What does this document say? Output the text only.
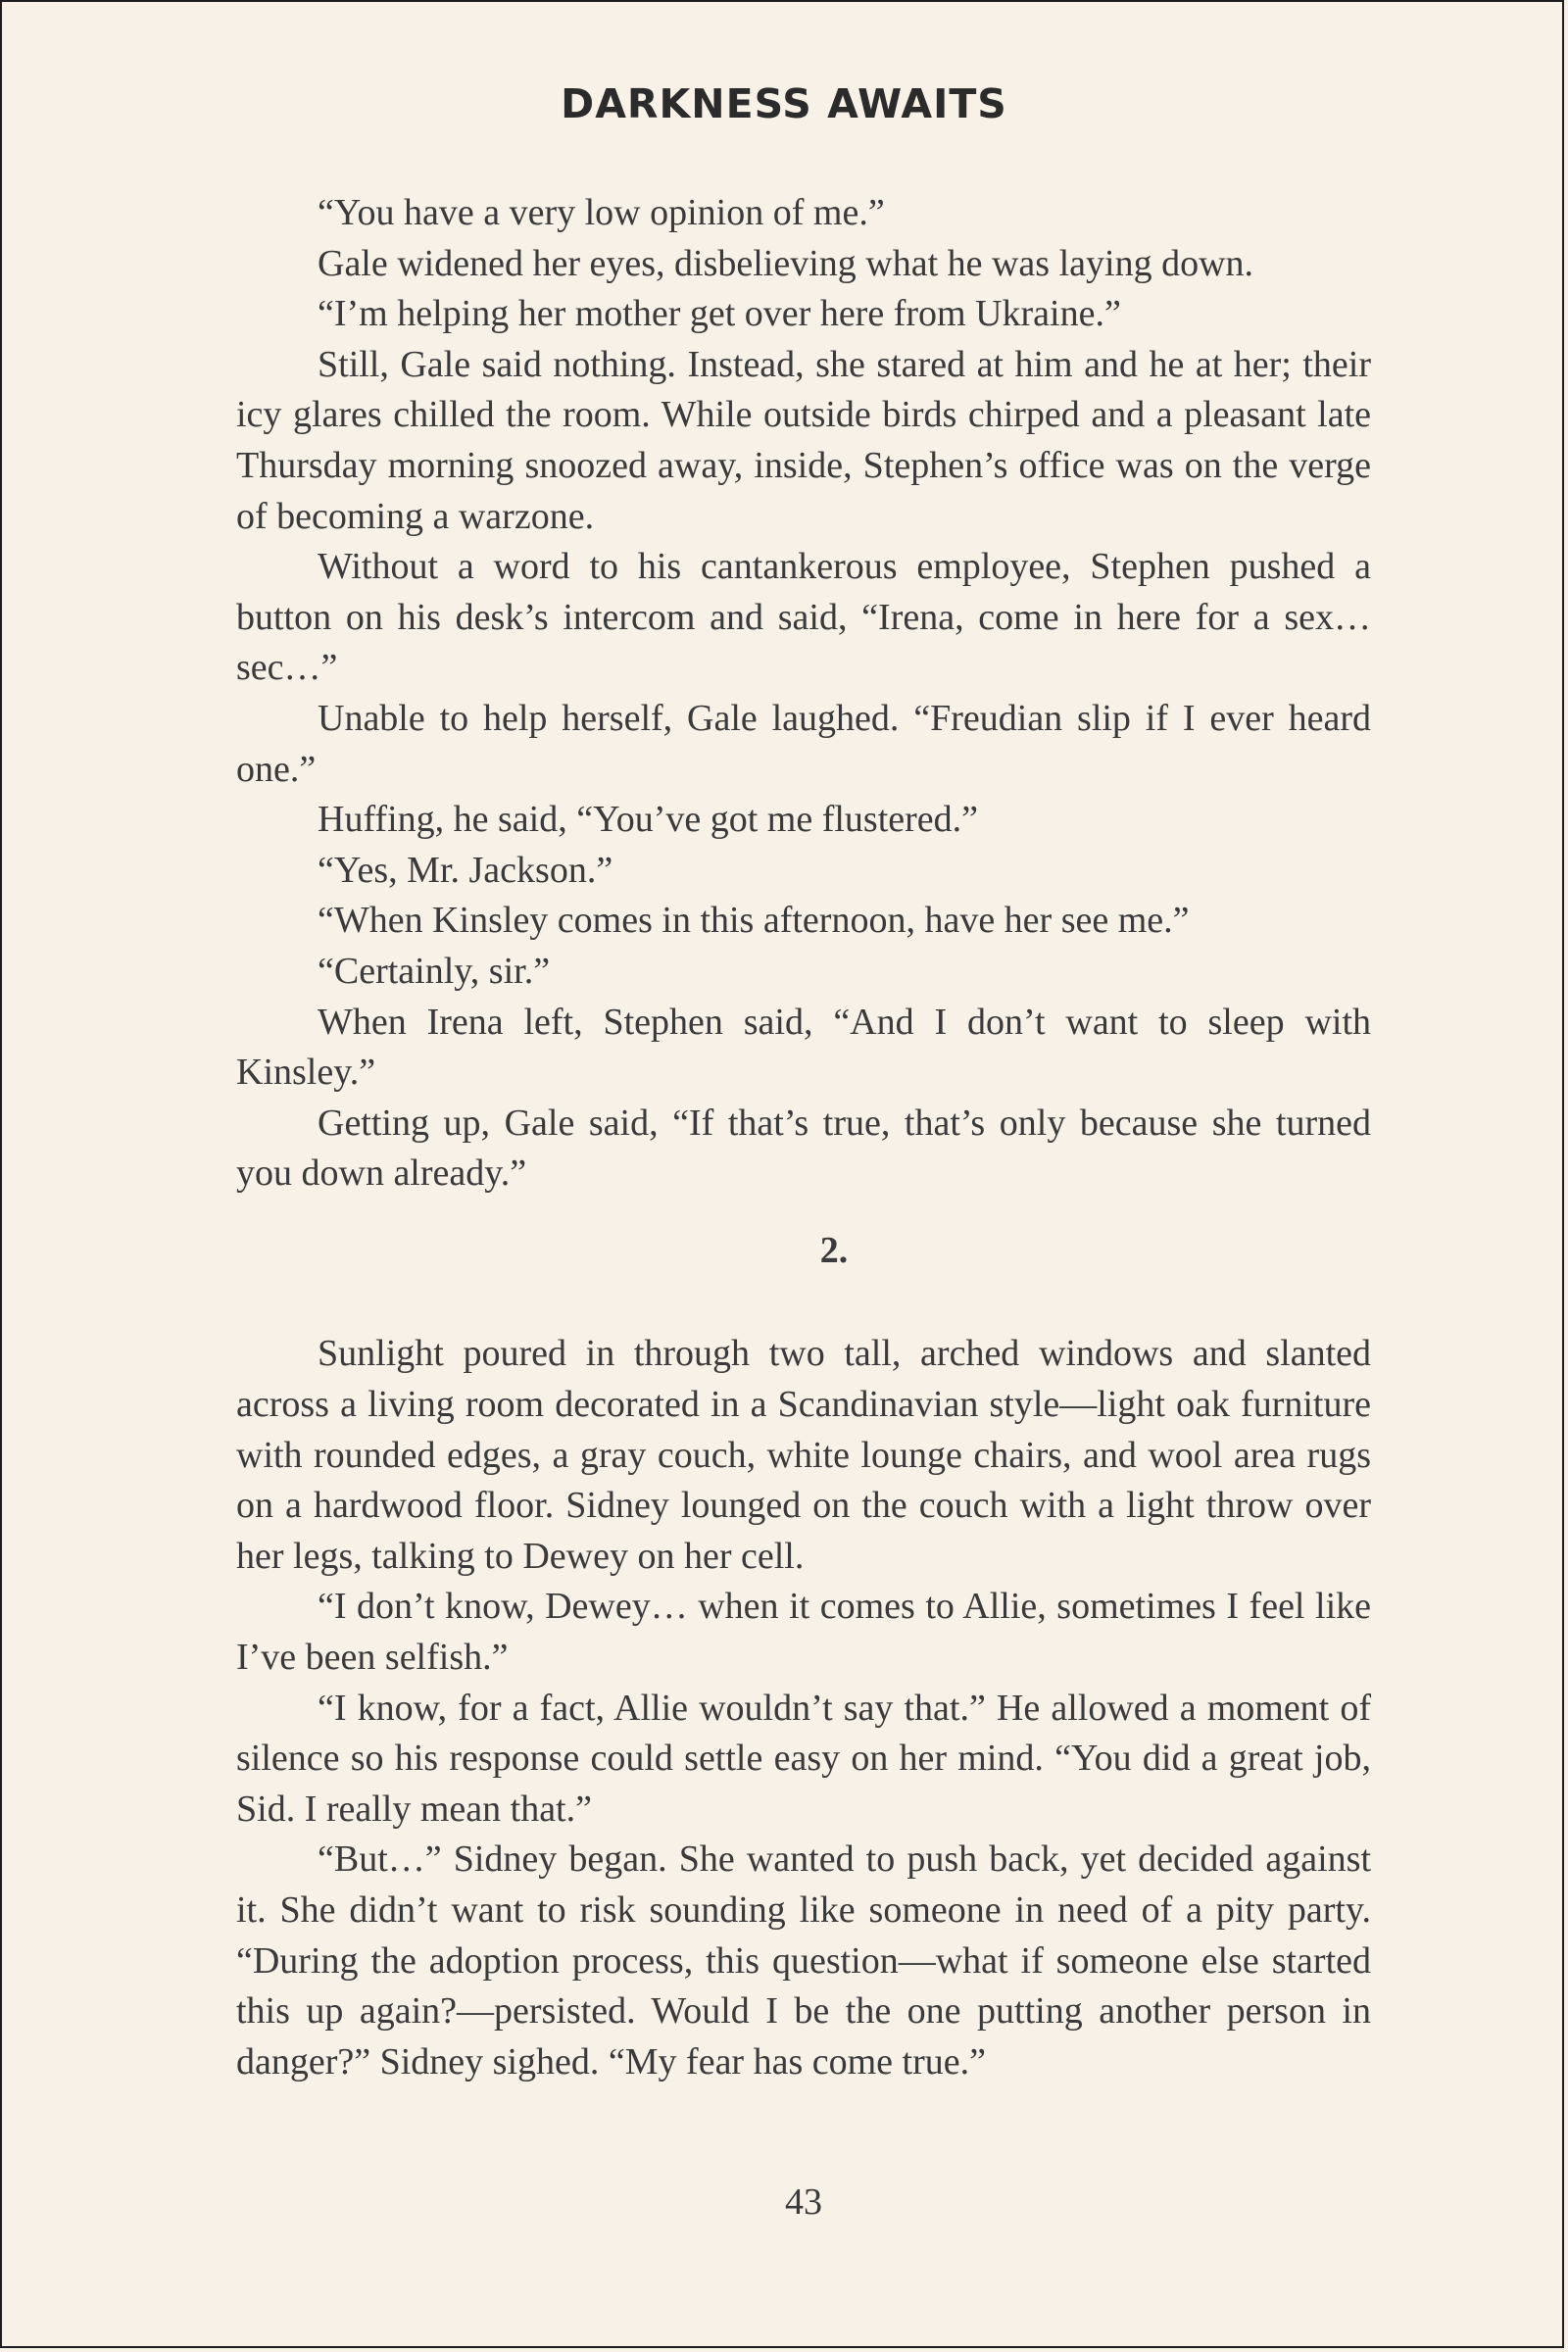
DARKNESS AWAITS

“You have a very low opinion of me.”

Gale widened her eyes, disbelieving what he was laying down.

“I’m helping her mother get over here from Ukraine.”

Still, Gale said nothing. Instead, she stared at him and he at her; their icy glares chilled the room. While outside birds chirped and a pleasant late Thursday morning snoozed away, inside, Stephen’s office was on the verge of becoming a warzone.

Without a word to his cantankerous employee, Stephen pushed a button on his desk’s intercom and said, “Irena, come in here for a sex… sec…”

Unable to help herself, Gale laughed. “Freudian slip if I ever heard one.”

Huffing, he said, “You’ve got me flustered.”

“Yes, Mr. Jackson.”

“When Kinsley comes in this afternoon, have her see me.”

“Certainly, sir.”

When Irena left, Stephen said, “And I don’t want to sleep with Kinsley.”

Getting up, Gale said, “If that’s true, that’s only because she turned you down already.”

2.

Sunlight poured in through two tall, arched windows and slanted across a living room decorated in a Scandinavian style—light oak furniture with rounded edges, a gray couch, white lounge chairs, and wool area rugs on a hardwood floor. Sidney lounged on the couch with a light throw over her legs, talking to Dewey on her cell.

“I don’t know, Dewey… when it comes to Allie, sometimes I feel like I’ve been selfish.”

“I know, for a fact, Allie wouldn’t say that.” He allowed a moment of silence so his response could settle easy on her mind. “You did a great job, Sid. I really mean that.”

“But…” Sidney began. She wanted to push back, yet decided against it. She didn’t want to risk sounding like someone in need of a pity party. “During the adoption process, this question—what if someone else started this up again?—persisted. Would I be the one putting another person in danger?” Sidney sighed. “My fear has come true.”

43
